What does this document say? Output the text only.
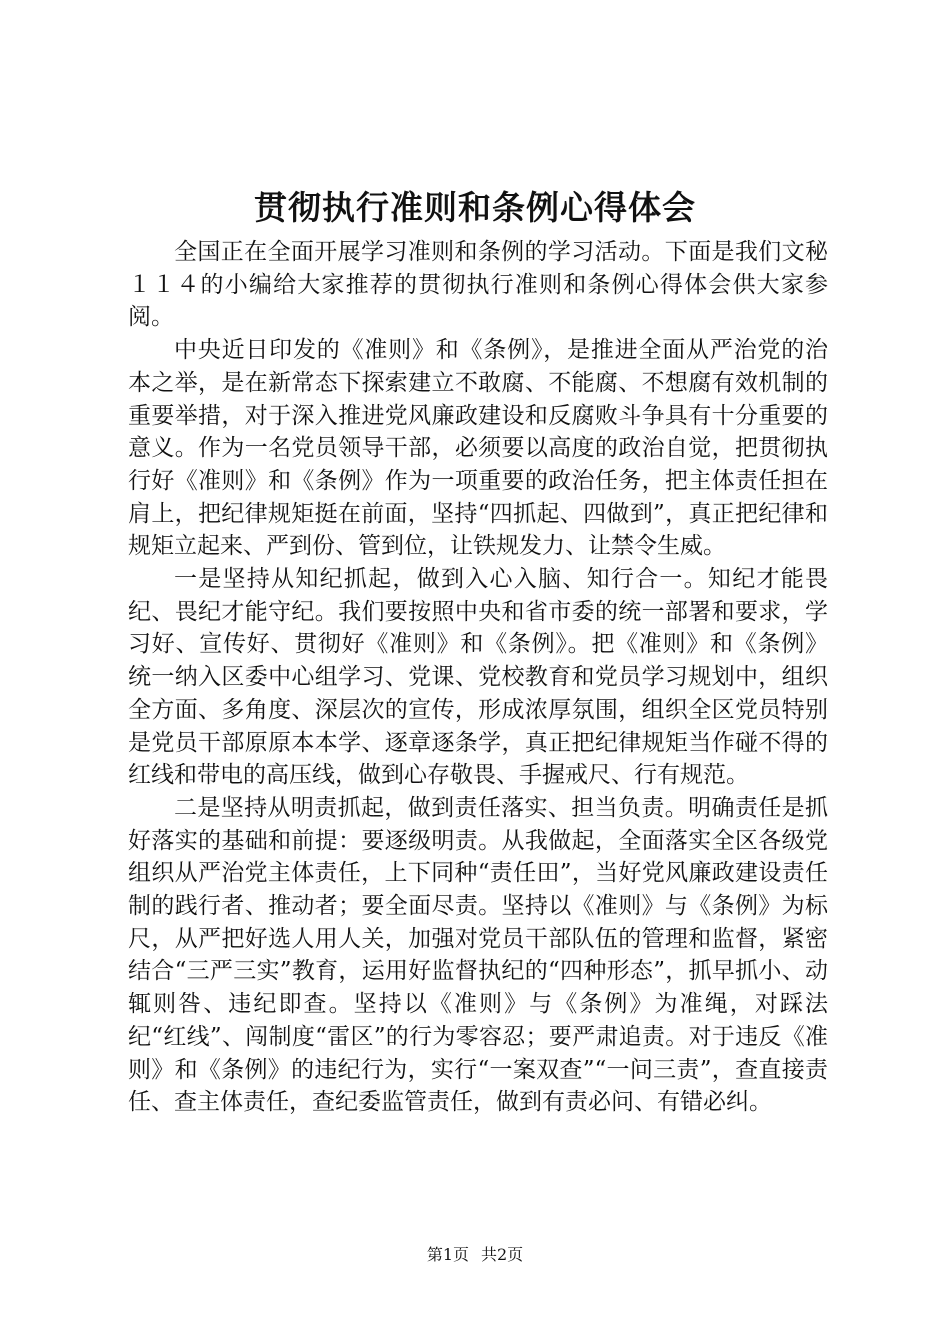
贯彻执行准则和条例心得体会

全国正在全面开展学习准则和条例的学习活动。下面是我们文秘１１４的小编给大家推荐的贯彻执行准则和条例心得体会供大家参阅。

中央近日印发的《准则》和《条例》，是推进全面从严治党的治本之举，是在新常态下探索建立不敢腐、不能腐、不想腐有效机制的重要举措，对于深入推进党风廉政建设和反腐败斗争具有十分重要的意义。作为一名党员领导干部，必须要以高度的政治自觉，把贯彻执行好《准则》和《条例》作为一项重要的政治任务，把主体责任担在肩上，把纪律规矩挺在前面，坚持“四抓起、四做到”，真正把纪律和规矩立起来、严到份、管到位，让铁规发力、让禁令生威。

一是坚持从知纪抓起，做到入心入脑、知行合一。知纪才能畏纪、畏纪才能守纪。我们要按照中央和省市委的统一部署和要求，学习好、宣传好、贯彻好《准则》和《条例》。把《准则》和《条例》统一纳入区委中心组学习、党课、党校教育和党员学习规划中，组织全方面、多角度、深层次的宣传，形成浓厚氛围，组织全区党员特别是党员干部原原本本学、逐章逐条学，真正把纪律规矩当作碰不得的红线和带电的高压线，做到心存敬畏、手握戒尺、行有规范。

二是坚持从明责抓起，做到责任落实、担当负责。明确责任是抓好落实的基础和前提：要逐级明责。从我做起，全面落实全区各级党组织从严治党主体责任，上下同种“责任田”，当好党风廉政建设责任制的践行者、推动者；要全面尽责。坚持以《准则》与《条例》为标尺，从严把好选人用人关，加强对党员干部队伍的管理和监督，紧密结合“三严三实”教育，运用好监督执纪的“四种形态”，抓早抓小、动辄则咎、违纪即查。坚持以《准则》与《条例》为准绳，对踩法纪“红线”、闯制度“雷区”的行为零容忍；要严肃追责。对于违反《准则》和《条例》的违纪行为，实行“一案双查”“一问三责”，查直接责任、查主体责任，查纪委监管责任，做到有责必问、有错必纠。

第1页 共2页
